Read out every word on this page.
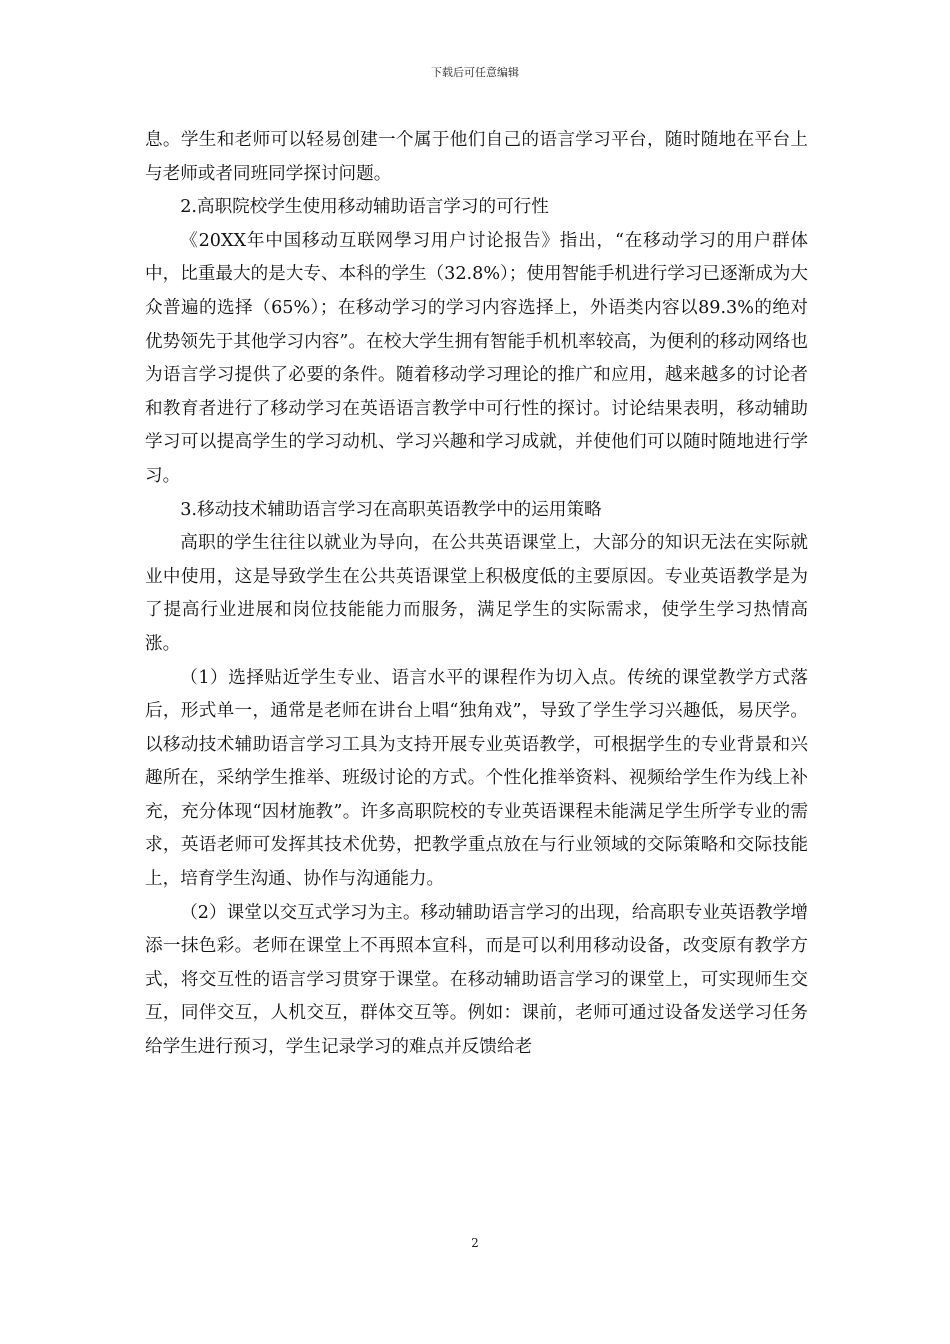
下载后可任意编辑

息。学生和老师可以轻易创建一个属于他们自己的语言学习平台，随时随地在平台上与老师或者同班同学探讨问题。

2.高职院校学生使用移动辅助语言学习的可行性

《20XX年中国移动互联网學习用户讨论报告》指出，“在移动学习的用户群体中，比重最大的是大专、本科的学生（32.8%）；使用智能手机进行学习已逐渐成为大众普遍的选择（65%）；在移动学习的学习内容选择上，外语类内容以89.3%的绝对优势领先于其他学习内容”。在校大学生拥有智能手机机率较高，为便利的移动网络也为语言学习提供了必要的条件。随着移动学习理论的推广和应用，越来越多的讨论者和教育者进行了移动学习在英语语言教学中可行性的探讨。讨论结果表明，移动辅助学习可以提高学生的学习动机、学习兴趣和学习成就，并使他们可以随时随地进行学习。

3.移动技术辅助语言学习在高职英语教学中的运用策略

高职的学生往往以就业为导向，在公共英语课堂上，大部分的知识无法在实际就业中使用，这是导致学生在公共英语课堂上积极度低的主要原因。专业英语教学是为了提高行业进展和岗位技能能力而服务，满足学生的实际需求，使学生学习热情高涨。

（1）选择贴近学生专业、语言水平的课程作为切入点。传统的课堂教学方式落后，形式单一，通常是老师在讲台上唱“独角戏”，导致了学生学习兴趣低，易厌学。以移动技术辅助语言学习工具为支持开展专业英语教学，可根据学生的专业背景和兴趣所在，采纳学生推举、班级讨论的方式。个性化推举资料、视频给学生作为线上补充，充分体现“因材施教”。许多高职院校的专业英语课程未能满足学生所学专业的需求，英语老师可发挥其技术优势，把教学重点放在与行业领域的交际策略和交际技能上，培育学生沟通、协作与沟通能力。

（2）课堂以交互式学习为主。移动辅助语言学习的出现，给高职专业英语教学增添一抹色彩。老师在课堂上不再照本宣科，而是可以利用移动设备，改变原有教学方式，将交互性的语言学习贯穿于课堂。在移动辅助语言学习的课堂上，可实现师生交互，同伴交互，人机交互，群体交互等。例如：课前，老师可通过设备发送学习任务给学生进行预习，学生记录学习的难点并反馈给老

2
